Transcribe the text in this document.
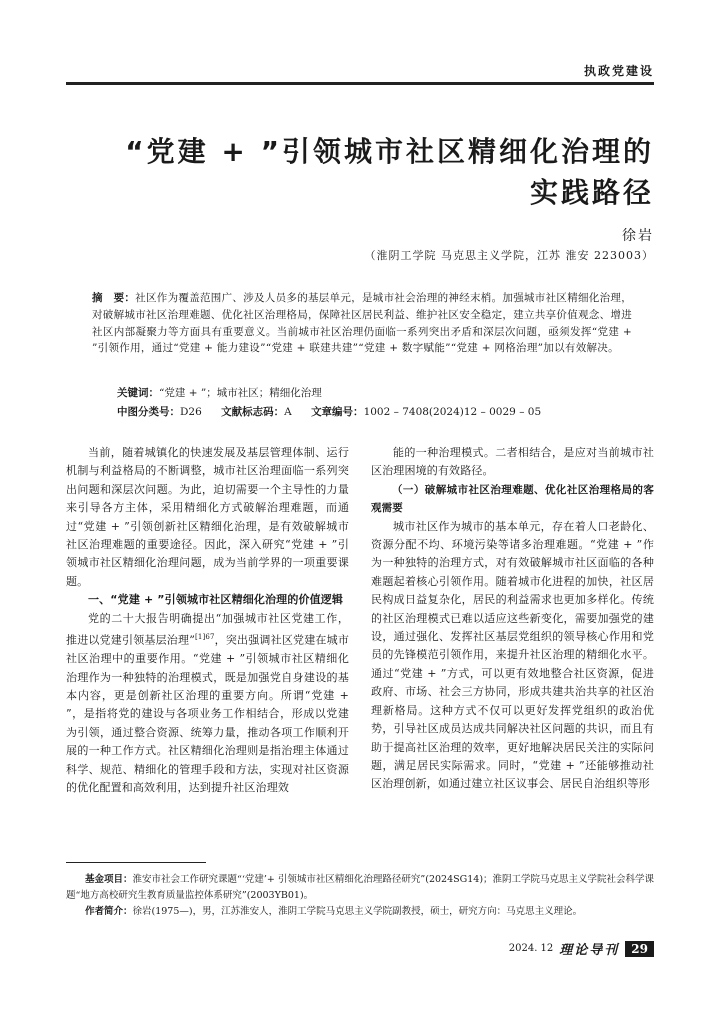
执政党建设
“党建 + ”引领城市社区精细化治理的
实践路径
徐岩
（淮阴工学院 马克思主义学院，江苏 淮安 223003）
摘　要：社区作为覆盖范围广、涉及人员多的基层单元，是城市社会治理的神经末梢。加强城市社区精细化治理，对破解城市社区治理难题、优化社区治理格局，保障社区居民利益、维护社区安全稳定，建立共享价值观念、增进社区内部凝聚力等方面具有重要意义。当前城市社区治理仍面临一系列突出矛盾和深层次问题，亟须发挥“党建 + ”引领作用，通过“党建 + 能力建设”“党建 + 联建共建”“党建 + 数字赋能”“党建 + 网格治理”加以有效解决。
关键词：“党建 + ”；城市社区；精细化治理
中图分类号：D26 文献标志码：A 文章编号：1002 – 7408(2024)12 – 0029 – 05

当前，随着城镇化的快速发展及基层管理体制、运行机制与利益格局的不断调整，城市社区治理面临一系列突出问题和深层次问题。为此，迫切需要一个主导性的力量来引导各方主体，采用精细化方式破解治理难题，而通过“党建 + ”引领创新社区精细化治理，是有效破解城市社区治理难题的重要途径。因此，深入研究“党建 + ”引领城市社区精细化治理问题，成为当前学界的一项重要课题。

一、“党建 + ”引领城市社区精细化治理的价值逻辑

党的二十大报告明确提出“加强城市社区党建工作，推进以党建引领基层治理”$^{[1]67}$，突出强调社区党建在城市社区治理中的重要作用。“党建 + ”引领城市社区精细化治理作为一种独特的治理模式，既是加强党自身建设的基本内容，更是创新社区治理的重要方向。所谓“党建 + ”，是指将党的建设与各项业务工作相结合，形成以党建为引领，通过整合资源、统筹力量，推动各项工作顺利开展的一种工作方式。社区精细化治理则是指治理主体通过科学、规范、精细化的管理手段和方法，实现对社区资源的优化配置和高效利用，达到提升社区治理效

能的一种治理模式。二者相结合，是应对当前城市社区治理困境的有效路径。

（一）破解城市社区治理难题、优化社区治理格局的客观需要

城市社区作为城市的基本单元，存在着人口老龄化、资源分配不均、环境污染等诸多治理难题。“党建 + ”作为一种独特的治理方式，对有效破解城市社区面临的各种难题起着核心引领作用。随着城市化进程的加快，社区居民构成日益复杂化，居民的利益需求也更加多样化。传统的社区治理模式已难以适应这些新变化，需要加强党的建设，通过强化、发挥社区基层党组织的领导核心作用和党员的先锋模范引领作用，来提升社区治理的精细化水平。通过“党建 + ”方式，可以更有效地整合社区资源，促进政府、市场、社会三方协同，形成共建共治共享的社区治理新格局。这种方式不仅可以更好发挥党组织的政治优势，引导社区成员达成共同解决社区问题的共识，而且有助于提高社区治理的效率，更好地解决居民关注的实际问题，满足居民实际需求。同时，“党建 + ”还能够推动社区治理创新，如通过建立社区议事会、居民自治组织等形

基金项目：淮安市社会工作研究课题“‘党建’+ 引领城市社区精细化治理路径研究”(2024SG14)；淮阴工学院马克思主义学院社会科学课题“地方高校研究生教育质量监控体系研究”(2003YB01)。
作者简介：徐岩(1975—)，男，江苏淮安人，淮阴工学院马克思主义学院副教授，硕士，研究方向：马克思主义理论。
2024. 12 理论导刊	29
